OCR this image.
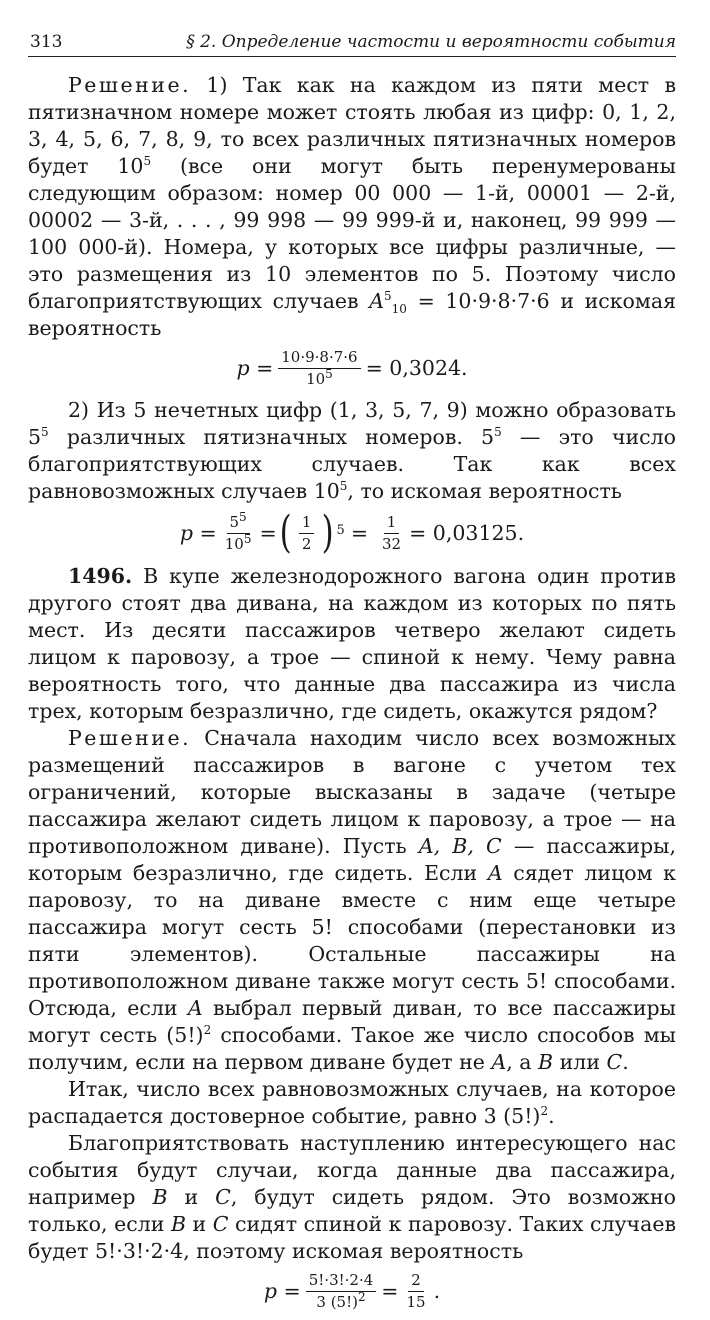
313	§ 2. Определение частости и вероятности события

Решение. 1) Так как на каждом из пяти мест в пятизначном номере может стоять любая из цифр: 0, 1, 2, 3, 4, 5, 6, 7, 8, 9, то всех различных пятизначных номеров будет $10^5$ (все они могут быть перенумерованы следующим образом: номер 00 000 — 1-й, 00001 — 2-й, 00002 — 3-й, . . . , 99 998 — 99 999-й и, наконец, 99 999 — 100 000-й). Номера, у которых все цифры различные, — это размещения из 10 элементов по 5. Поэтому число благоприятствующих случаев $A^5_{10} = 10\cdot 9\cdot 8\cdot 7\cdot 6$ и искомая вероятность

$p = \frac{10\cdot 9\cdot 8\cdot 7\cdot 6}{10^5} = 0,3024$.

2) Из 5 нечетных цифр (1, 3, 5, 7, 9) можно образовать $5^5$ различных пятизначных номеров. $5^5$ — это число благоприятствующих случаев. Так как всех равновозможных случаев $10^5$, то искомая вероятность

$p = \frac{5^5}{10^5}$ = ( $\frac{1}{2}$ ) $5 = \frac{1}{32} = 0,03125$.

1496. В купе железнодорожного вагона один против другого стоят два дивана, на каждом из которых по пять мест. Из десяти пассажиров четверо желают сидеть лицом к паровозу, а трое — спиной к нему. Чему равна вероятность того, что данные два пассажира из числа трех, которым безразлично, где сидеть, окажутся рядом?

Решение. Сначала находим число всех возможных размещений пассажиров в вагоне с учетом тех ограничений, которые высказаны в задаче (четыре пассажира желают сидеть лицом к паровозу, а трое — на противоположном диване). Пусть A, B, C — пассажиры, которым безразлично, где сидеть. Если A сядет лицом к паровозу, то на диване вместе с ним еще четыре пассажира могут сесть 5! способами (перестановки из пяти элементов). Остальные пассажиры на противоположном диване также могут сесть 5! способами. Отсюда, если A выбрал первый диван, то все пассажиры могут сесть $(5!)^2$ способами. Такое же число способов мы получим, если на первом диване будет не A, а B или C.

Итак, число всех равновозможных случаев, на которое распадается достоверное событие, равно 3 $(5!)^2$.

Благоприятствовать наступлению интересующего нас события будут случаи, когда данные два пассажира, например B и C, будут сидеть рядом. Это возможно только, если B и C сидят спиной к паровозу. Таких случаев будет 5!·3!·2·4, поэтому искомая вероятность

$p = \frac{5!\cdot 3!\cdot 2\cdot 4}{3 (5!)^2} = \frac{2}{15}$ .
